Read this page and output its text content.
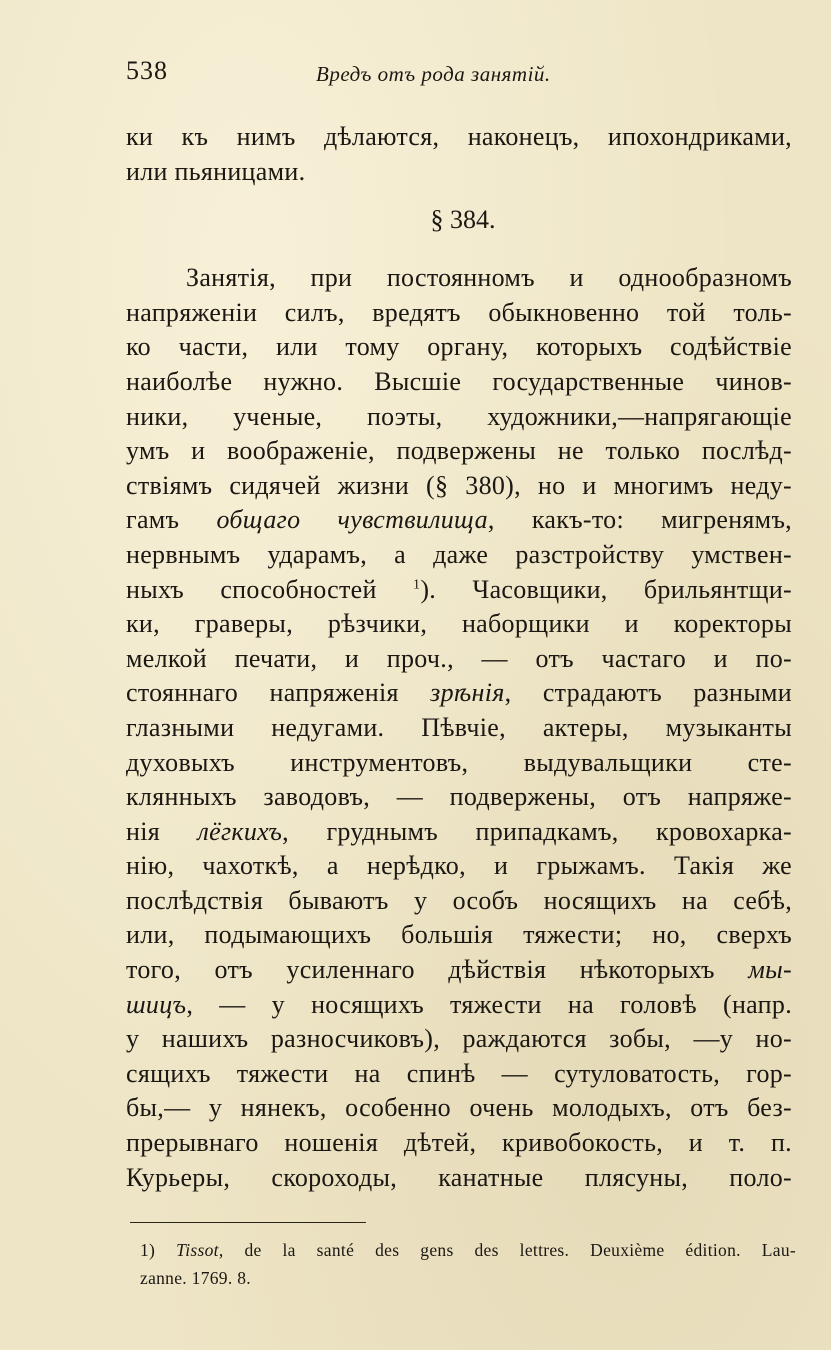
538	Вредъ отъ рода занятій.
ки къ нимъ дѣлаются, наконецъ, ипохондриками,
или пьяницами.
§ 384.
Занятія, при постоянномъ и однообразномъ
напряженіи силъ, вредятъ обыкновенно той толь-
ко части, или тому органу, которыхъ содѣйствіе
наиболѣе нужно. Высшіе государственные чинов-
ники, ученые, поэты, художники,—напрягающіе
умъ и воображеніе, подвержены не только послѣд-
ствіямъ сидячей жизни (§ 380), но и многимъ неду-
гамъ общаго чувствилища, какъ-то: мигренямъ,
нервнымъ ударамъ, а даже разстройству умствен-
ныхъ способностей $^1$). Часовщики, брильянтщи-
ки, граверы, рѣзчики, наборщики и коректоры
мелкой печати, и проч., — отъ частаго и по-
стояннаго напряженія зрѣнія, страдаютъ разными
глазными недугами. Пѣвчіе, актеры, музыканты
духовыхъ инструментовъ, выдувальщики сте-
клянныхъ заводовъ, — подвержены, отъ напряже-
нія лёгкихъ, груднымъ припадкамъ, кровохарка-
нію, чахоткѣ, а нерѣдко, и грыжамъ. Такія же
послѣдствія бываютъ у особъ носящихъ на себѣ,
или, подымающихъ большія тяжести; но, сверхъ
того, отъ усиленнаго дѣйствія нѣкоторыхъ мы-
шицъ, — у носящихъ тяжести на головѣ (напр.
у нашихъ разносчиковъ), раждаются зобы, —у но-
сящихъ тяжести на спинѣ — сутуловатость, гор-
бы,— у нянекъ, особенно очень молодыхъ, отъ без-
прерывнаго ношенія дѣтей, кривобокость, и т. п.
Курьеры, скороходы, канатные плясуны, поло-
1) Tissot, de la santé des gens des lettres. Deuxième édition. Lau-
zanne. 1769. 8.
